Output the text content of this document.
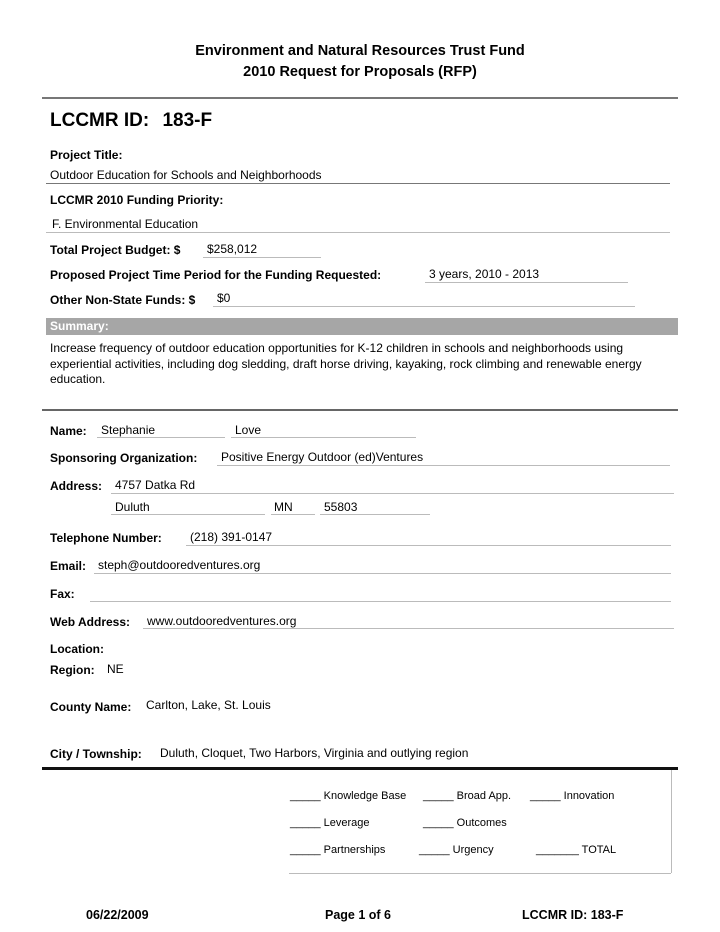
Environment and Natural Resources Trust Fund
2010 Request for Proposals (RFP)
LCCMR ID: 183-F
Project Title:
Outdoor Education for Schools and Neighborhoods
LCCMR 2010 Funding Priority:
F. Environmental Education
Total Project Budget: $ $258,012
Proposed Project Time Period for the Funding Requested:	3 years, 2010 - 2013
Other Non-State Funds: $ $0
Summary:
Increase frequency of outdoor education opportunities for K-12 children in schools and neighborhoods using experiential activities, including dog sledding, draft horse driving, kayaking, rock climbing and renewable energy education.
Name: Stephanie	Love
Sponsoring Organization: Positive Energy Outdoor (ed)Ventures
Address: 4757 Datka Rd
Duluth	MN	55803
Telephone Number: (218) 391-0147
Email: steph@outdooredventures.org
Fax:
Web Address: www.outdooredventures.org
Location:
Region: NE
County Name: Carlton, Lake, St. Louis
City / Township: Duluth, Cloquet, Two Harbors, Virginia and outlying region
_____ Knowledge Base _____ Broad App. _____ Innovation
_____ Leverage	_____ Outcomes
_____ Partnerships	_____ Urgency	_______ TOTAL
06/22/2009	Page 1 of 6	LCCMR ID: 183-F
